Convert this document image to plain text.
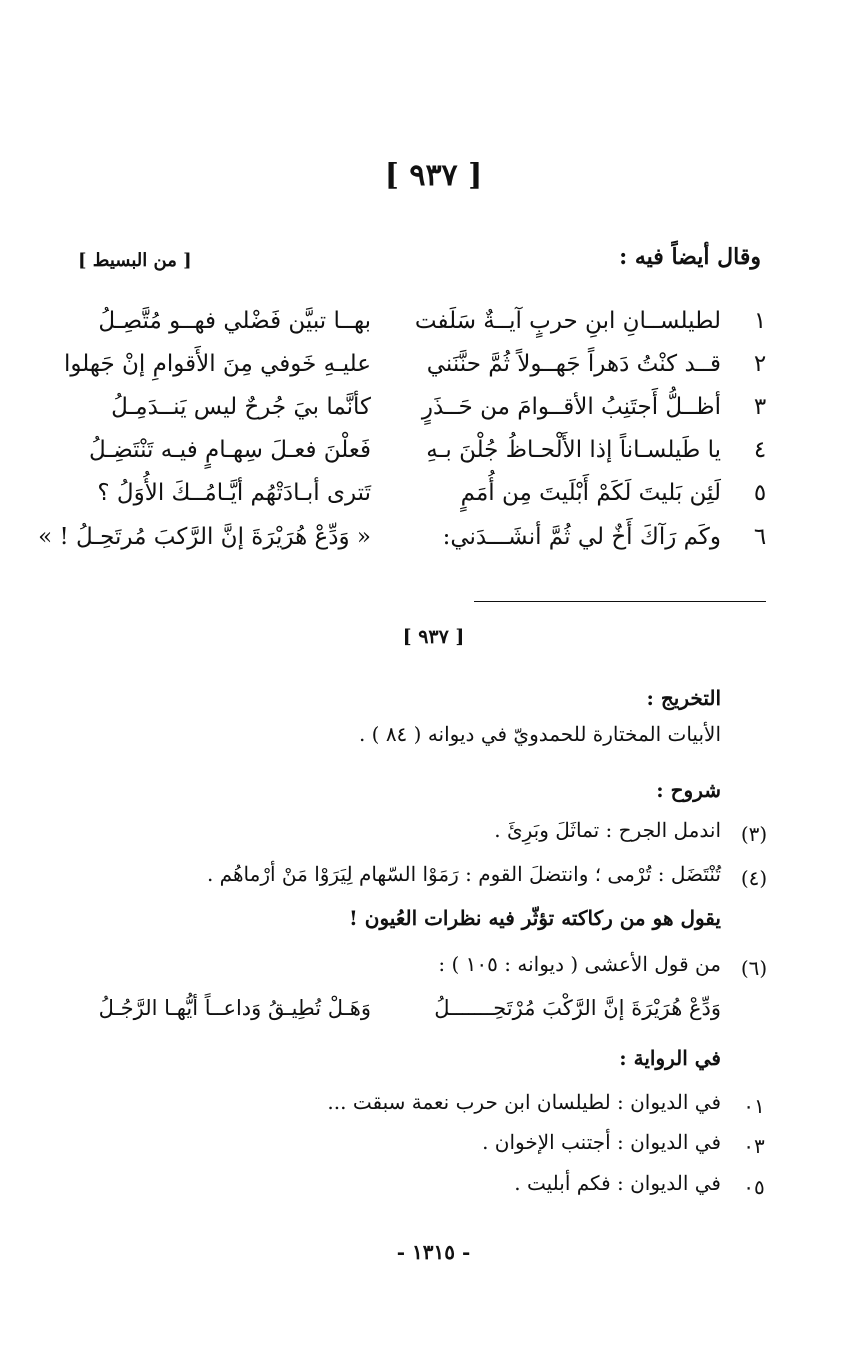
[ ٩٣٧ ]
وقال أيضاً فيه :
[ من البسيط ]
١
لطيلســانِ ابنِ حربٍ آيــةٌ سَلَفت
بهــا تبيَّن فَضْلي فهــو مُتَّصِـلُ
٢
قــد كنْتُ دَهراً جَهــولاً ثُمَّ حنَّنَني
عليـهِ خَوفي مِنَ الأَقوامِ إنْ جَهلوا
٣
أظــلُّ أَجتَنِبُ الأقــوامَ من حَــذَرٍ
كأنَّما بيَ جُرحٌ ليس يَنــدَمِـلُ
٤
يا طَيلسـاناً إذا الأَلْحـاظُ جُلْنَ بـهِ
فَعلْنَ فعـلَ سِهـامٍ فيـه تَنْتَضِـلُ
٥
لَئِن بَليتَ لَكَمْ أَبْلَيتَ مِن أُمَمٍ
تَترى أبـادَتْهُم أيَّـامُــكَ الأُوَلُ ؟
٦
وكَم رَآكَ أَخٌ لي ثُمَّ أنشَـــدَني:
« وَدِّعْ هُرَيْرَةَ إنَّ الرَّكبَ مُرتَحِـلُ ! »
[ ٩٣٧ ]
التخريج :
الأبيات المختارة للحمدويّ في ديوانه ( ٨٤ ) .
شروح :
(٣)
اندمل الجرح : تماثَلَ وبَرِئَ .
(٤)
تُنْتَضَل : تُرْمى ؛ وانتضلَ القوم : رَمَوْا السّهام لِيَرَوْا مَنْ أرْماهُم .
يقول هو من ركاكته تؤثّر فيه نظرات العُيون !
(٦)
من قول الأعشى ( ديوانه : ١٠٥ ) :
وَدِّعْ هُرَيْرَةَ إنَّ الرَّكْبَ مُرْتَحِـــــــلُ
وَهَـلْ تُطِيـقُ وَداعــاً أيُّهـا الرَّجُـلُ
في الرواية :
٠١
في الديوان : لطيلسان ابن حرب نعمة سبقت ...
٠٣
في الديوان : أجتنب الإخوان .
٠٥
في الديوان : فكم أبليت .
- ١٣١٥ -
